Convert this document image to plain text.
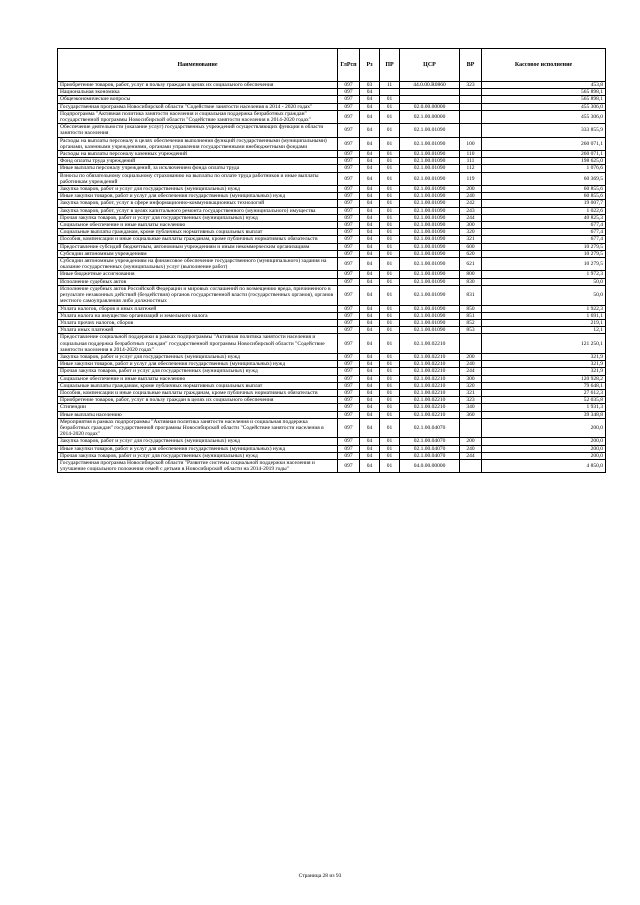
Наименование	ГлРсп	Рз	ПР	ЦСР	ВР	Кассовое исполнение
Приобретение товаров, работ, услуг в пользу граждан в целях их социального обеспечения	097	03	11	44.0.00.R0860	323	453,8
Национальная экономика	097	04				565 898,1
Общеэкономические вопросы	097	04	01			565 898,1
Государственная программа Новосибирской области "Содействие занятости населения в 2014 - 2020 годах"	097	04	01	02.0.00.00000		455 306,0
Подпрограмма "Активная политика занятости населения и социальная поддержка безработных граждан" государственной программы Новосибирской области "Содействие занятости населения в 2014-2020 годах"	097	04	01	02.1.00.00000		455 306,0
Обеспечение деятельности (оказание услуг) государственных учреждений осуществляющих функции в области занятости населения	097	04	01	02.1.00.01090		333 855,9
Расходы на выплаты персоналу в целях обеспечения выполнения функций государственными (муниципальными) органами, казенными учреждениями, органами управления государственными внебюджетными фондами	097	04	01	02.1.00.01090	100	260 071,1
Расходы на выплаты персоналу казенных учреждений	097	04	01	02.1.00.01090	110	260 071,1
Фонд оплаты труда учреждений	097	04	01	02.1.00.01090	111	198 625,0
Иные выплаты персоналу учреждений, за исключением фонда оплаты труда	097	04	01	02.1.00.01090	112	1 076,6
Взносы по обязательному социальному страхованию на выплаты по оплате труда работников и иные выплаты работникам учреждений	097	04	01	02.1.00.01090	119	60 369,5
Закупка товаров, работ и услуг для государственных (муниципальных) нужд	097	04	01	02.1.00.01090	200	60 855,6
Иные закупки товаров, работ и услуг для обеспечения государственных (муниципальных) нужд	097	04	01	02.1.00.01090	240	60 855,6
Закупка товаров, работ, услуг в сфере информационно-коммуникационных технологий	097	04	01	02.1.00.01090	242	19 007,7
Закупка товаров, работ, услуг в целях капитального ремонта государственного (муниципального) имущества	097	04	01	02.1.00.01090	243	1 022,6
Прочая закупка товаров, работ и услуг для государственных (муниципальных) нужд	097	04	01	02.1.00.01090	244	40 825,3
Социальное обеспечение и иные выплаты населению	097	04	01	02.1.00.01090	300	677,4
Социальные выплаты гражданам, кроме публичных нормативных социальных выплат	097	04	01	02.1.00.01090	320	677,4
Пособия, компенсации и иные социальные выплаты гражданам, кроме публичных нормативных обязательств	097	04	01	02.1.00.01090	321	677,4
Предоставление субсидий бюджетным, автономным учреждениям и иным некоммерческим организациям	097	04	01	02.1.00.01090	600	10 279,5
Субсидии автономным учреждениям	097	04	01	02.1.00.01090	620	10 279,5
Субсидии автономным учреждениям на финансовое обеспечение государственного (муниципального) задания на оказание государственных (муниципальных) услуг (выполнение работ)	097	04	01	02.1.00.01090	621	10 279,5
Иные бюджетные ассигнования	097	04	01	02.1.00.01090	800	1 972,3
Исполнение судебных актов	097	04	01	02.1.00.01090	830	50,0
Исполнение судебных актов Российской Федерации и мировых соглашений по возмещению вреда, причиненного в результате незаконных действий (бездействия) органов государственной власти (государственных органов), органов местного самоуправления либо должностных	097	04	01	02.1.00.01090	831	50,0
Уплата налогов, сборов и иных платежей	097	04	01	02.1.00.01090	850	1 922,3
Уплата налога на имущество организаций и земельного налога	097	04	01	02.1.00.01090	851	1 691,1
Уплата прочих налогов, сборов	097	04	01	02.1.00.01090	852	219,1
Уплата иных платежей	097	04	01	02.1.00.01090	853	12,1
Предоставление социальной поддержки в рамках подпрограммы "Активная политика занятости населения и социальная поддержка безработных граждан" государственной программы Новосибирской области "Содействие занятости населения в 2014-2020 годах"	097	04	01	02.1.00.02210		121 250,1
Закупка товаров, работ и услуг для государственных (муниципальных) нужд	097	04	01	02.1.00.02210	200	321,9
Иные закупки товаров, работ и услуг для обеспечения государственных (муниципальных) нужд	097	04	01	02.1.00.02210	240	321,9
Прочая закупка товаров, работ и услуг для государственных (муниципальных) нужд	097	04	01	02.1.00.02210	244	321,9
Социальное обеспечение и иные выплаты населению	097	04	01	02.1.00.02210	300	120 928,2
Социальные выплаты гражданам, кроме публичных нормативных социальных выплат	097	04	01	02.1.00.02210	320	79 648,1
Пособия, компенсации и иные социальные выплаты гражданам, кроме публичных нормативных обязательств	097	04	01	02.1.00.02210	321	27 612,3
Приобретение товаров, работ, услуг в пользу граждан в целях их социального обеспечения	097	04	01	02.1.00.02210	323	52 035,8
Стипендии	097	04	01	02.1.00.02210	340	1 931,3
Иные выплаты населению	097	04	01	02.1.00.02210	360	39 348,8
Мероприятия в рамках подпрограммы "Активная политика занятости населения и социальная поддержка безработных граждан" государственной программы Новосибирской области "Содействие занятости населения в 2014-2020 годах"	097	04	01	02.1.00.04070		200,0
Закупка товаров, работ и услуг для государственных (муниципальных) нужд	097	04	01	02.1.00.04070	200	200,0
Иные закупки товаров, работ и услуг для обеспечения государственных (муниципальных) нужд	097	04	01	02.1.00.04070	240	200,0
Прочая закупка товаров, работ и услуг для государственных (муниципальных) нужд	097	04	01	02.1.00.04070	244	200,0
Государственная программа Новосибирской области "Развитие системы социальной поддержки населения и улучшение социального положения семей с детьми в Новосибирской области на 2014-2019 годы"	097	04	01	04.0.00.00000		4 850,0
Страница 28 из 93
